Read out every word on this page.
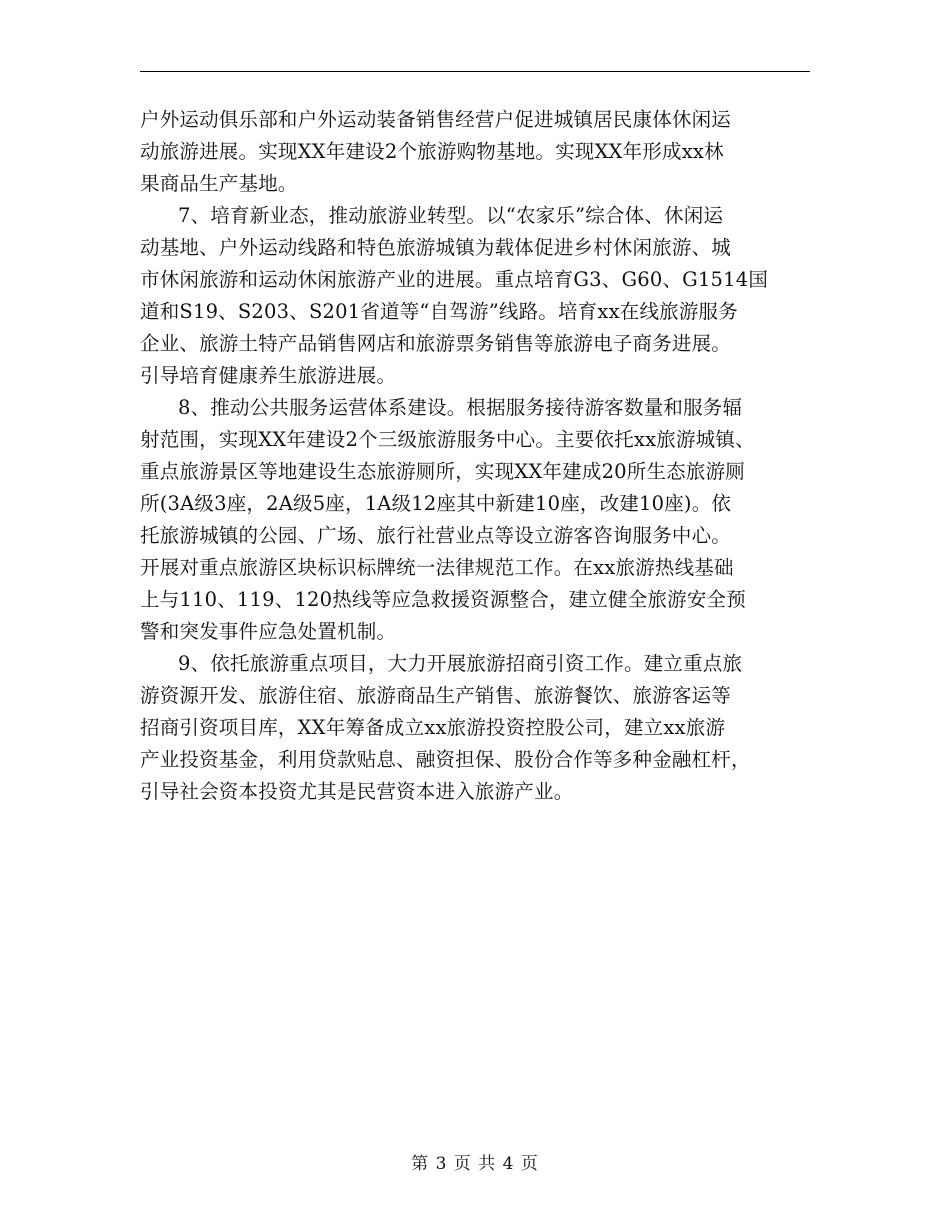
户外运动俱乐部和户外运动装备销售经营户促进城镇居民康体休闲运
动旅游进展。实现XX年建设2个旅游购物基地。实现XX年形成xx林
果商品生产基地。
7、培育新业态，推动旅游业转型。以“农家乐”综合体、休闲运
动基地、户外运动线路和特色旅游城镇为载体促进乡村休闲旅游、城
市休闲旅游和运动休闲旅游产业的进展。重点培育G3、G60、G1514国
道和S19、S203、S201省道等“自驾游”线路。培育xx在线旅游服务
企业、旅游土特产品销售网店和旅游票务销售等旅游电子商务进展。
引导培育健康养生旅游进展。
8、推动公共服务运营体系建设。根据服务接待游客数量和服务辐
射范围，实现XX年建设2个三级旅游服务中心。主要依托xx旅游城镇、
重点旅游景区等地建设生态旅游厕所，实现XX年建成20所生态旅游厕
所(3A级3座，2A级5座，1A级12座其中新建10座，改建10座)。依
托旅游城镇的公园、广场、旅行社营业点等设立游客咨询服务中心。
开展对重点旅游区块标识标牌统一法律规范工作。在xx旅游热线基础
上与110、119、120热线等应急救援资源整合，建立健全旅游安全预
警和突发事件应急处置机制。
9、依托旅游重点项目，大力开展旅游招商引资工作。建立重点旅
游资源开发、旅游住宿、旅游商品生产销售、旅游餐饮、旅游客运等
招商引资项目库，XX年筹备成立xx旅游投资控股公司，建立xx旅游
产业投资基金，利用贷款贴息、融资担保、股份合作等多种金融杠杆，
引导社会资本投资尤其是民营资本进入旅游产业。
第 3 页 共 4 页
